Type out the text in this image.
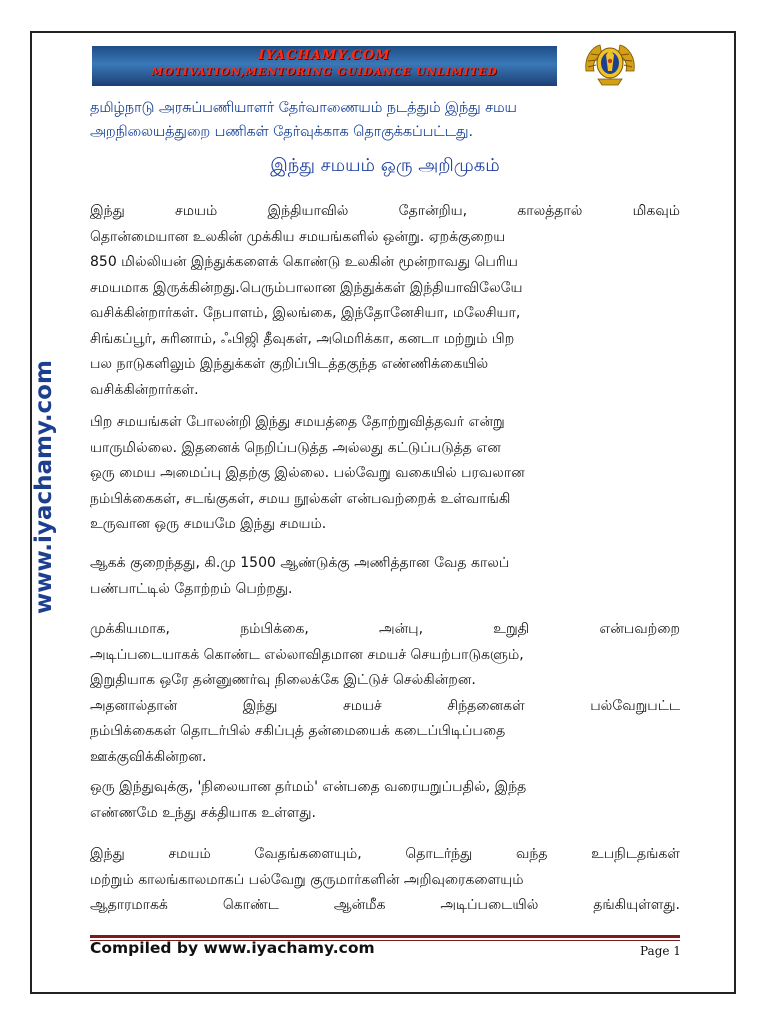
IYACHAMY.COM
MOTIVATION,MENTORING GUIDANCE UNLIMITED
www.iyachamy.com
தமிழ்நாடு அரசுப்பணியாளர் தேர்வாணையம் நடத்தும் இந்து சமய
அறநிலையத்துறை பணிகள் தேர்வுக்காக தொகுக்கப்பட்டது.
இந்து சமயம் ஒரு அறிமுகம்
இந்து சமயம் இந்தியாவில் தோன்றிய, காலத்தால் மிகவும்
தொன்மையான உலகின் முக்கிய சமயங்களில் ஒன்று. ஏறக்குறைய
850 மில்லியன் இந்துக்களைக் கொண்டு உலகின் மூன்றாவது பெரிய
சமயமாக இருக்கின்றது.பெரும்பாலான இந்துக்கள் இந்தியாவிலேயே
வசிக்கின்றார்கள். நேபாளம், இலங்கை, இந்தோனேசியா, மலேசியா,
சிங்கப்பூர், சுரினாம், ஃபிஜி தீவுகள், அமெரிக்கா, கனடா மற்றும் பிற
பல நாடுகளிலும் இந்துக்கள் குறிப்பிடத்தகுந்த எண்ணிக்கையில்
வசிக்கின்றார்கள்.
பிற சமயங்கள் போலன்றி இந்து சமயத்தை தோற்றுவித்தவர் என்று
யாருமில்லை. இதனைக் நெறிப்படுத்த அல்லது கட்டுப்படுத்த என
ஒரு மைய அமைப்பு இதற்கு இல்லை. பல்வேறு வகையில் பரவலான
நம்பிக்கைகள், சடங்குகள், சமய நூல்கள் என்பவற்றைக் உள்வாங்கி
உருவான ஒரு சமயமே இந்து சமயம்.
ஆகக் குறைந்தது, கி.மு 1500 ஆண்டுக்கு அணித்தான வேத காலப்
பண்பாட்டில் தோற்றம் பெற்றது.
முக்கியமாக, நம்பிக்கை, அன்பு, உறுதி என்பவற்றை
அடிப்படையாகக் கொண்ட எல்லாவிதமான சமயச் செயற்பாடுகளும்,
இறுதியாக ஒரே தன்னுணர்வு நிலைக்கே இட்டுச் செல்கின்றன.
அதனால்தான் இந்து சமயச் சிந்தனைகள் பல்வேறுபட்ட
நம்பிக்கைகள் தொடர்பில் சகிப்புத் தன்மையைக் கடைப்பிடிப்பதை
ஊக்குவிக்கின்றன.
ஒரு இந்துவுக்கு, 'நிலையான தர்மம்' என்பதை வரையறுப்பதில், இந்த
எண்ணமே உந்து சக்தியாக உள்ளது.
இந்து சமயம் வேதங்களையும், தொடர்ந்து வந்த உபநிடதங்கள்
மற்றும் காலங்காலமாகப் பல்வேறு குருமார்களின் அறிவுரைகளையும்
ஆதாரமாகக் கொண்ட ஆன்மீக அடிப்படையில் தங்கியுள்ளது.
Compiled by www.iyachamy.com	Page 1
